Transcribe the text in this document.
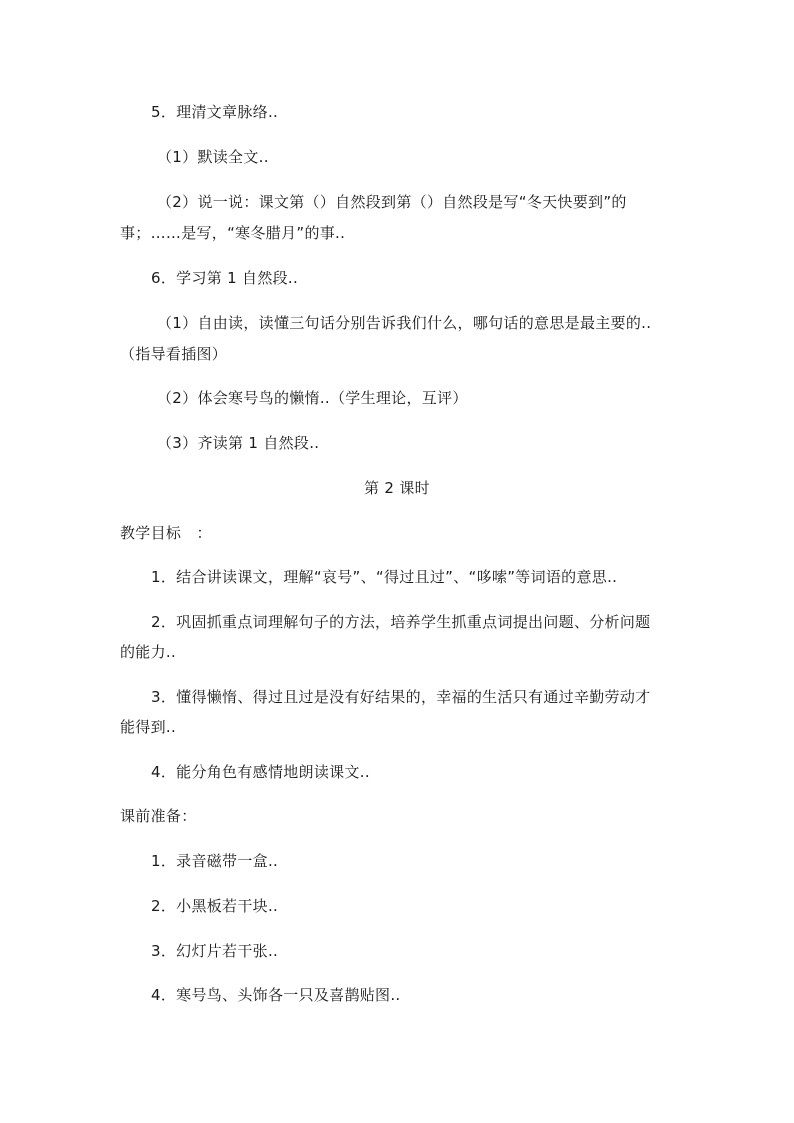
5．理清文章脉络..
（1）默读全文..
（2）说一说：课文第（）自然段到第（）自然段是写“冬天快要到”的
事；……是写，“寒冬腊月”的事..
6．学习第 1 自然段..
（1）自由读，读懂三句话分别告诉我们什么，哪句话的意思是最主要的..
（指导看插图）
（2）体会寒号鸟的懒惰..（学生理论，互评）
（3）齐读第 1 自然段..
第 2 课时
教学目标　：
1．结合讲读课文，理解“哀号”、“得过且过”、“哆嗦”等词语的意思..
2．巩固抓重点词理解句子的方法，培养学生抓重点词提出问题、分析问题
的能力..
3．懂得懒惰、得过且过是没有好结果的，幸福的生活只有通过辛勤劳动才
能得到..
4．能分角色有感情地朗读课文..
课前准备：
1．录音磁带一盒..
2．小黑板若干块..
3．幻灯片若干张..
4．寒号鸟、头饰各一只及喜鹊贴图..
